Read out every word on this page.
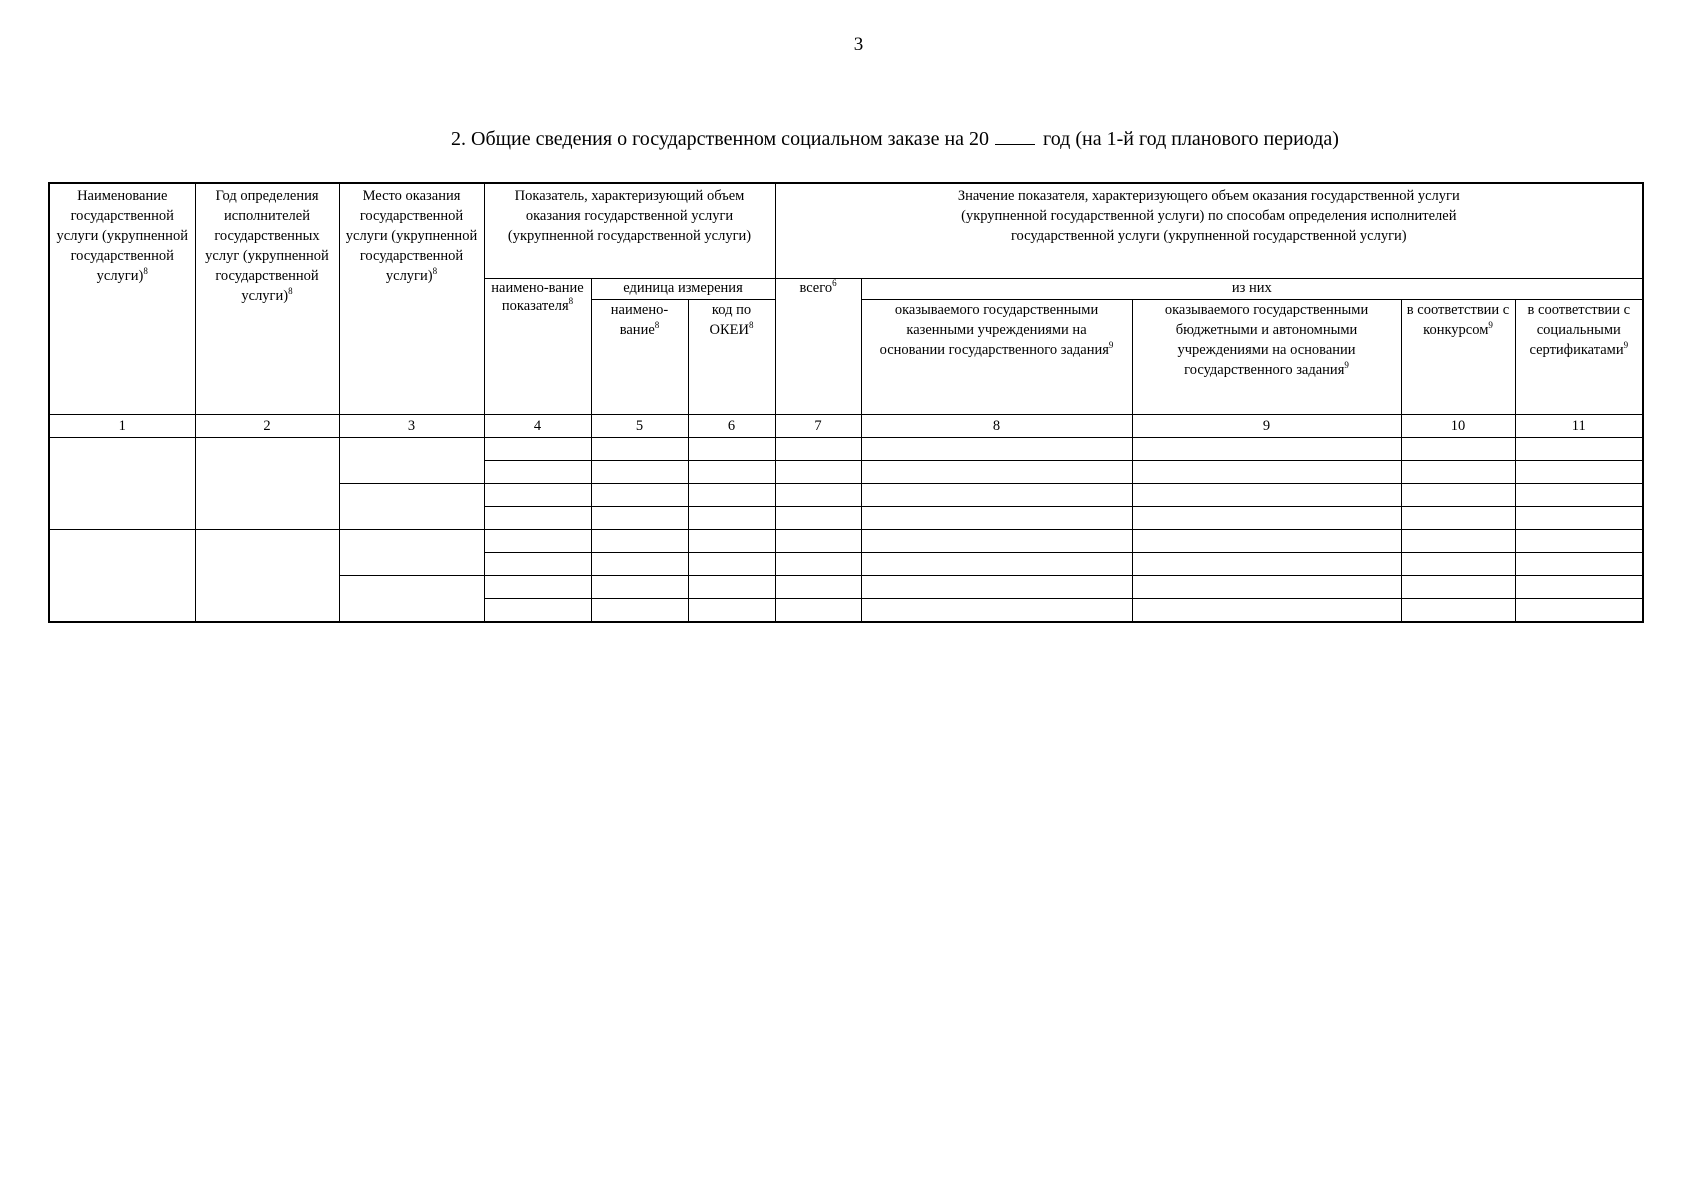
3
2. Общие сведения о государственном социальном заказе на 20	год (на 1-й год планового периода)
Наименование государственной услуги (укрупненной государственной услуги)$^8$	Год определения исполнителей государственных услуг (укрупненной государственной услуги)$^8$	Место оказания государственной услуги (укрупненной государственной услуги)$^8$	Показатель, характеризующий объем оказания государственной услуги (укрупненной государственной услуги)			Значение показателя, характеризующего объем оказания государственной услуги (укрупненной государственной услуги) по способам определения исполнителей государственной услуги (укрупненной государственной услуги)				
			наимено-вание показателя$^8$	единица измерения		всего$^6$	из них			
				наимено-вание$^8$	код по ОКЕИ$^8$		оказываемого государственными казенными учреждениями на основании государственного задания$^9$	оказываемого государственными бюджетными и автономными учреждениями на основании государственного задания$^9$	в соответствии с конкурсом$^9$	в соответствии с социальными сертификатами$^9$
1	2	3	4	5	6	7	8	9	10	11
